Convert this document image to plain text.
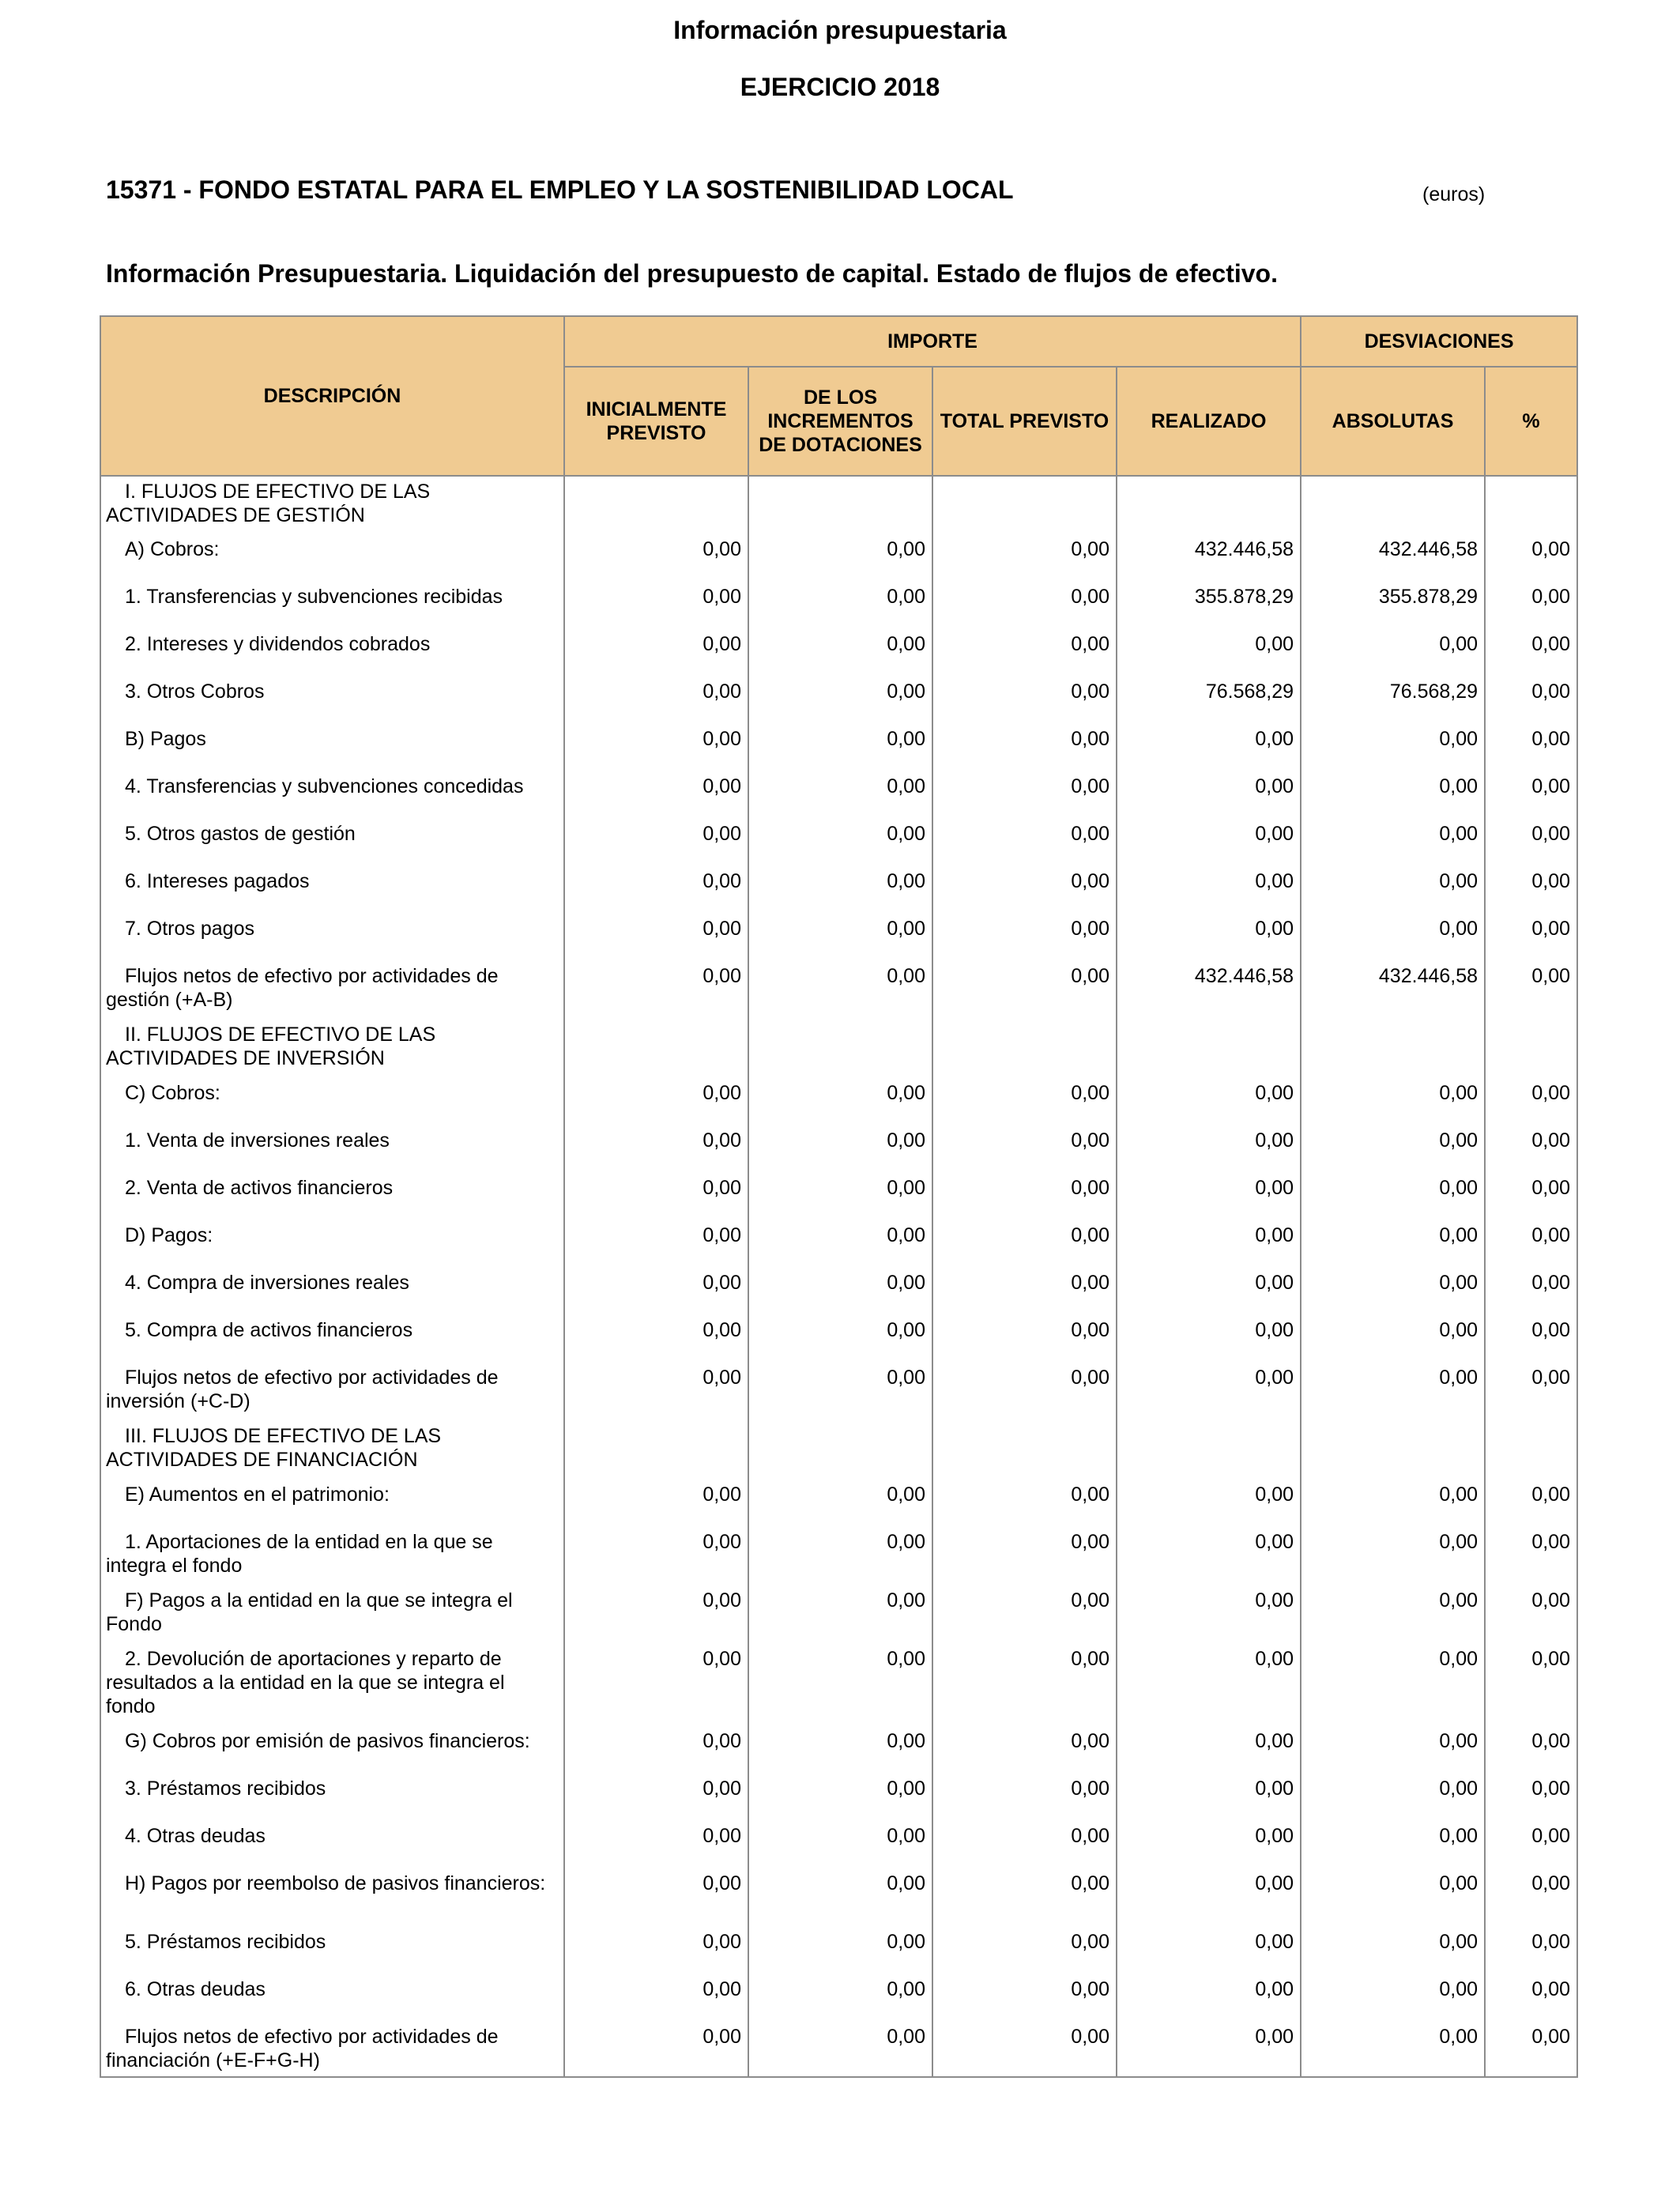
Información presupuestaria
EJERCICIO 2018
15371 - FONDO ESTATAL PARA EL EMPLEO Y LA SOSTENIBILIDAD LOCAL	(euros)
Información Presupuestaria. Liquidación del presupuesto de capital. Estado de flujos de efectivo.
DESCRIPCIÓN	IMPORTE				DESVIACIONES	
	INICIALMENTE PREVISTO	DE LOS INCREMENTOS DE DOTACIONES	TOTAL PREVISTO	REALIZADO	ABSOLUTAS	%
I. FLUJOS DE EFECTIVO DE LAS ACTIVIDADES DE GESTIÓN						
A) Cobros:	0,00	0,00	0,00	432.446,58	432.446,58	0,00
1. Transferencias y subvenciones recibidas	0,00	0,00	0,00	355.878,29	355.878,29	0,00
2. Intereses y dividendos cobrados	0,00	0,00	0,00	0,00	0,00	0,00
3. Otros Cobros	0,00	0,00	0,00	76.568,29	76.568,29	0,00
B) Pagos	0,00	0,00	0,00	0,00	0,00	0,00
4. Transferencias y subvenciones concedidas	0,00	0,00	0,00	0,00	0,00	0,00
5. Otros gastos de gestión	0,00	0,00	0,00	0,00	0,00	0,00
6. Intereses pagados	0,00	0,00	0,00	0,00	0,00	0,00
7. Otros pagos	0,00	0,00	0,00	0,00	0,00	0,00
Flujos netos de efectivo por actividades de gestión (+A-B)	0,00	0,00	0,00	432.446,58	432.446,58	0,00
II. FLUJOS DE EFECTIVO DE LAS ACTIVIDADES DE INVERSIÓN						
C) Cobros:	0,00	0,00	0,00	0,00	0,00	0,00
1. Venta de inversiones reales	0,00	0,00	0,00	0,00	0,00	0,00
2. Venta de activos financieros	0,00	0,00	0,00	0,00	0,00	0,00
D) Pagos:	0,00	0,00	0,00	0,00	0,00	0,00
4. Compra de inversiones reales	0,00	0,00	0,00	0,00	0,00	0,00
5. Compra de activos financieros	0,00	0,00	0,00	0,00	0,00	0,00
Flujos netos de efectivo por actividades de inversión (+C-D)	0,00	0,00	0,00	0,00	0,00	0,00
III. FLUJOS DE EFECTIVO DE LAS ACTIVIDADES DE FINANCIACIÓN						
E) Aumentos en el patrimonio:	0,00	0,00	0,00	0,00	0,00	0,00
1. Aportaciones de la entidad en la que se integra el fondo	0,00	0,00	0,00	0,00	0,00	0,00
F) Pagos a la entidad en la que se integra el Fondo	0,00	0,00	0,00	0,00	0,00	0,00
2. Devolución de aportaciones y reparto de resultados a la entidad en la que se integra el fondo	0,00	0,00	0,00	0,00	0,00	0,00
G) Cobros por emisión de pasivos financieros:	0,00	0,00	0,00	0,00	0,00	0,00
3. Préstamos recibidos	0,00	0,00	0,00	0,00	0,00	0,00
4. Otras deudas	0,00	0,00	0,00	0,00	0,00	0,00
H) Pagos por reembolso de pasivos financieros:	0,00	0,00	0,00	0,00	0,00	0,00
5. Préstamos recibidos	0,00	0,00	0,00	0,00	0,00	0,00
6. Otras deudas	0,00	0,00	0,00	0,00	0,00	0,00
Flujos netos de efectivo por actividades de financiación (+E-F+G-H)	0,00	0,00	0,00	0,00	0,00	0,00
